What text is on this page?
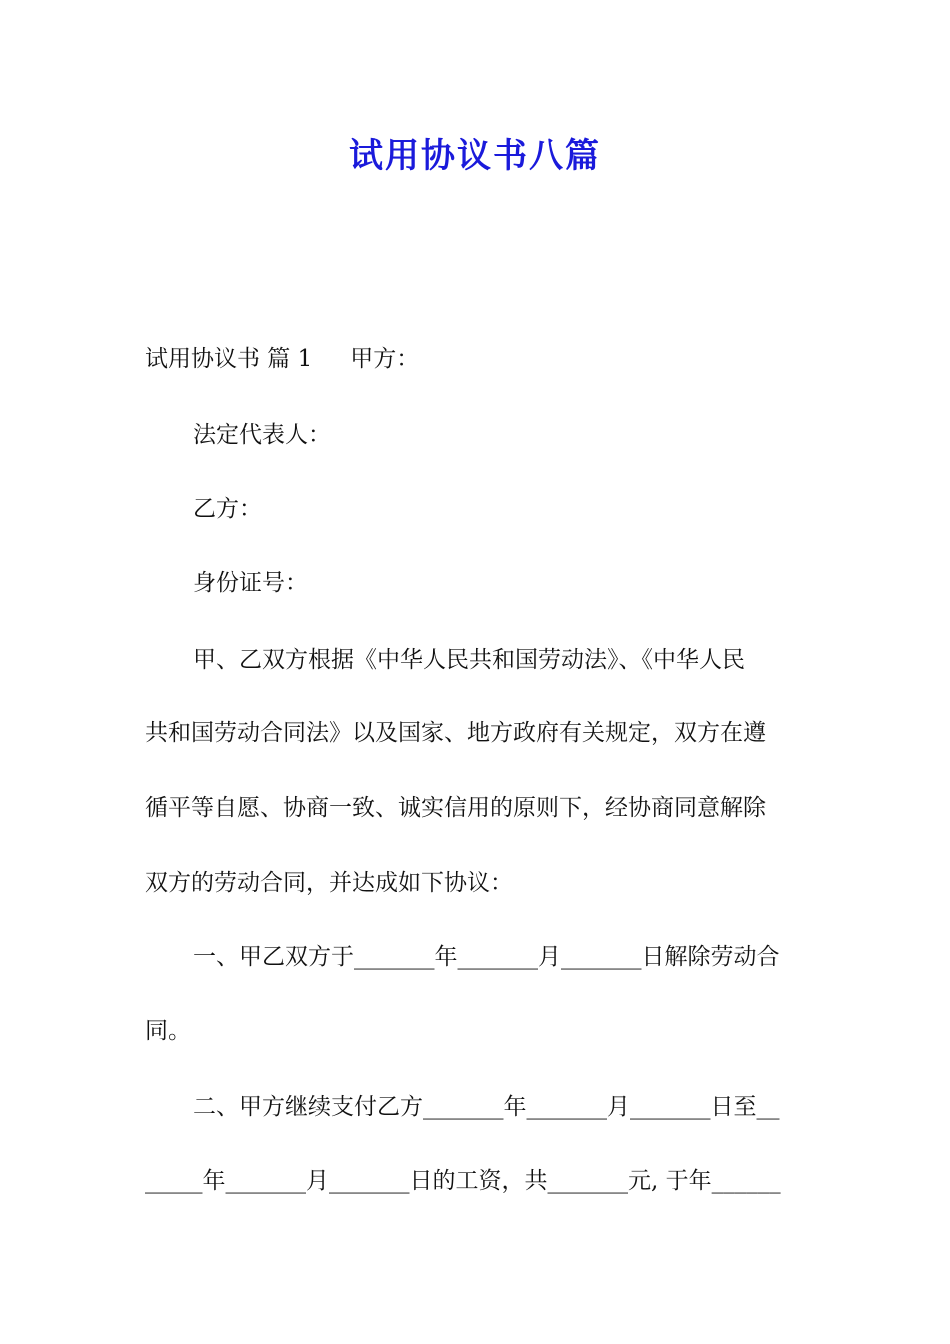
试用协议书八篇

试用协议书 篇 1 甲方：

法定代表人：

乙方：

身份证号：

甲、乙双方根据《中华人民共和国劳动法》、《中华人民

共和国劳动合同法》以及国家、地方政府有关规定，双方在遵

循平等自愿、协商一致、诚实信用的原则下，经协商同意解除

双方的劳动合同，并达成如下协议：

一、甲乙双方于_______年_______月_______日解除劳动合

同。

二、甲方继续支付乙方_______年_______月_______日至__

_____年_______月_______日的工资，共_______元, 于年______
